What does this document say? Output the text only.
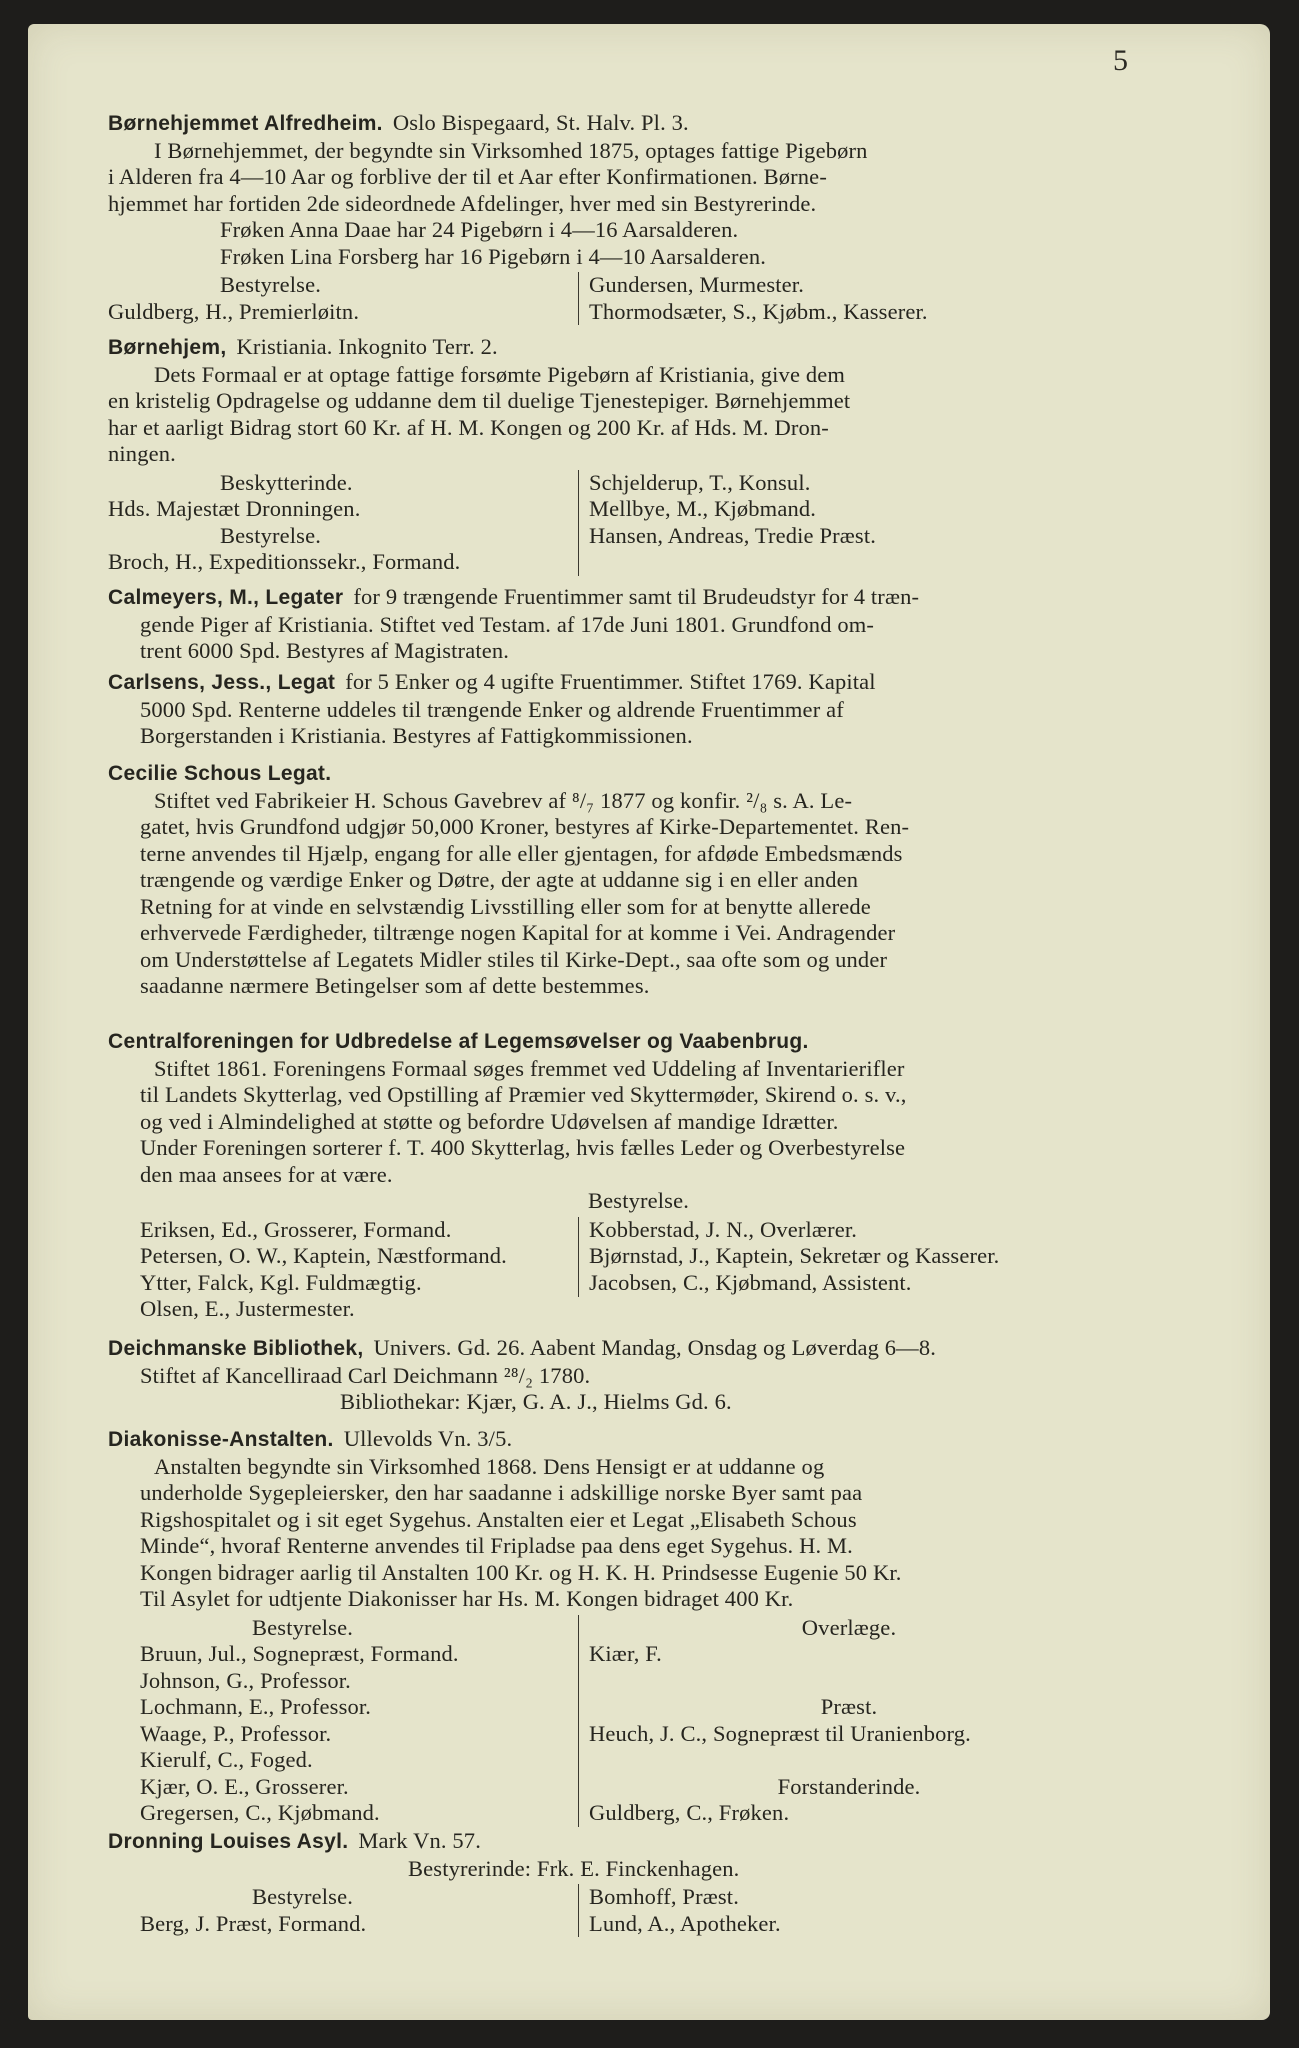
5
Børnehjemmet Alfredheim. Oslo Bispegaard, St. Halv. Pl. 3.
I Børnehjemmet, der begyndte sin Virksomhed 1875, optages fattige Pigebørn
i Alderen fra 4—10 Aar og forblive der til et Aar efter Konfirmationen. Børne-
hjemmet har fortiden 2de sideordnede Afdelinger, hver med sin Bestyrerinde.
Frøken Anna Daae har 24 Pigebørn i 4—16 Aarsalderen.
Frøken Lina Forsberg har 16 Pigebørn i 4—10 Aarsalderen.
Bestyrelse.
Guldberg, H., Premierløitn.
Gundersen, Murmester.
Thormodsæter, S., Kjøbm., Kasserer.
Børnehjem, Kristiania. Inkognito Terr. 2.
Dets Formaal er at optage fattige forsømte Pigebørn af Kristiania, give dem
en kristelig Opdragelse og uddanne dem til duelige Tjenestepiger. Børnehjemmet
har et aarligt Bidrag stort 60 Kr. af H. M. Kongen og 200 Kr. af Hds. M. Dron-
ningen.
Beskytterinde.
Hds. Majestæt Dronningen.
Bestyrelse.
Broch, H., Expeditionssekr., Formand.
Schjelderup, T., Konsul.
Mellbye, M., Kjøbmand.
Hansen, Andreas, Tredie Præst.
Calmeyers, M., Legater for 9 trængende Fruentimmer samt til Brudeudstyr for 4 træn-
gende Piger af Kristiania. Stiftet ved Testam. af 17de Juni 1801. Grundfond om-
trent 6000 Spd. Bestyres af Magistraten.
Carlsens, Jess., Legat for 5 Enker og 4 ugifte Fruentimmer. Stiftet 1769. Kapital
5000 Spd. Renterne uddeles til trængende Enker og aldrende Fruentimmer af
Borgerstanden i Kristiania. Bestyres af Fattigkommissionen.
Cecilie Schous Legat.
Stiftet ved Fabrikeier H. Schous Gavebrev af ⁸/₇ 1877 og konfir. ²/₈ s. A. Le-
gatet, hvis Grundfond udgjør 50,000 Kroner, bestyres af Kirke-Departementet. Ren-
terne anvendes til Hjælp, engang for alle eller gjentagen, for afdøde Embedsmænds
trængende og værdige Enker og Døtre, der agte at uddanne sig i en eller anden
Retning for at vinde en selvstændig Livsstilling eller som for at benytte allerede
erhvervede Færdigheder, tiltrænge nogen Kapital for at komme i Vei. Andragender
om Understøttelse af Legatets Midler stiles til Kirke-Dept., saa ofte som og under
saadanne nærmere Betingelser som af dette bestemmes.
Centralforeningen for Udbredelse af Legemsøvelser og Vaabenbrug.
Stiftet 1861. Foreningens Formaal søges fremmet ved Uddeling af Inventarierifler
til Landets Skytterlag, ved Opstilling af Præmier ved Skyttermøder, Skirend o. s. v.,
og ved i Almindelighed at støtte og befordre Udøvelsen af mandige Idrætter.
Under Foreningen sorterer f. T. 400 Skytterlag, hvis fælles Leder og Overbestyrelse
den maa ansees for at være.
Bestyrelse.
Eriksen, Ed., Grosserer, Formand.
Petersen, O. W., Kaptein, Næstformand.
Ytter, Falck, Kgl. Fuldmægtig.
Olsen, E., Justermester.
Kobberstad, J. N., Overlærer.
Bjørnstad, J., Kaptein, Sekretær og Kasserer.
Jacobsen, C., Kjøbmand, Assistent.
Deichmanske Bibliothek, Univers. Gd. 26. Aabent Mandag, Onsdag og Løverdag 6—8.
Stiftet af Kancelliraad Carl Deichmann ²⁸/₂ 1780.
Bibliothekar: Kjær, G. A. J., Hielms Gd. 6.
Diakonisse-Anstalten. Ullevolds Vn. 3/5.
Anstalten begyndte sin Virksomhed 1868. Dens Hensigt er at uddanne og
underholde Sygepleiersker, den har saadanne i adskillige norske Byer samt paa
Rigshospitalet og i sit eget Sygehus. Anstalten eier et Legat „Elisabeth Schous
Minde“, hvoraf Renterne anvendes til Fripladse paa dens eget Sygehus. H. M.
Kongen bidrager aarlig til Anstalten 100 Kr. og H. K. H. Prindsesse Eugenie 50 Kr.
Til Asylet for udtjente Diakonisser har Hs. M. Kongen bidraget 400 Kr.
Bestyrelse.
Bruun, Jul., Sognepræst, Formand.
Johnson, G., Professor.
Lochmann, E., Professor.
Waage, P., Professor.
Kierulf, C., Foged.
Kjær, O. E., Grosserer.
Gregersen, C., Kjøbmand.
Overlæge.
Kiær, F.

Præst.
Heuch, J. C., Sognepræst til Uranienborg.

Forstanderinde.
Guldberg, C., Frøken.
Dronning Louises Asyl. Mark Vn. 57.
Bestyrerinde: Frk. E. Finckenhagen.
Bestyrelse.
Berg, J. Præst, Formand.
Bomhoff, Præst.
Lund, A., Apotheker.
